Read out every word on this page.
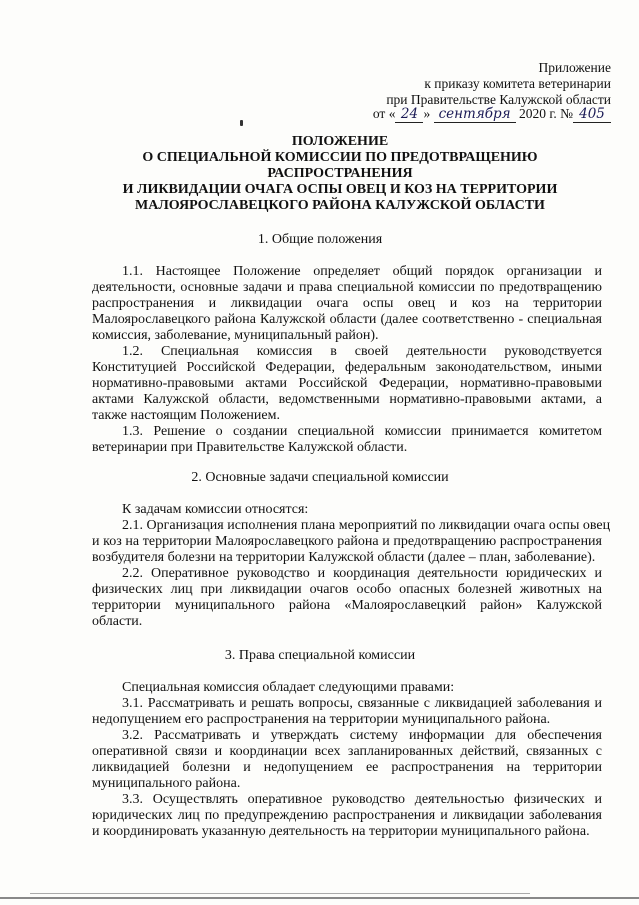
Приложение
к приказу комитета ветеринарии
при Правительстве Калужской области
от « 24 » сентября 2020 г. № 405
ПОЛОЖЕНИЕ
О СПЕЦИАЛЬНОЙ КОМИССИИ ПО ПРЕДОТВРАЩЕНИЮ
РАСПРОСТРАНЕНИЯ
И ЛИКВИДАЦИИ ОЧАГА ОСПЫ ОВЕЦ И КОЗ НА ТЕРРИТОРИИ
МАЛОЯРОСЛАВЕЦКОГО РАЙОНА КАЛУЖСКОЙ ОБЛАСТИ
1. Общие положения
1.1. Настоящее Положение определяет общий порядок организации и
деятельности, основные задачи и права специальной комиссии по предотвращению
распространения и ликвидации очага оспы овец и коз на территории
Малоярославецкого района Калужской области (далее соответственно - специальная
комиссия, заболевание, муниципальный район).
1.2. Специальная комиссия в своей деятельности руководствуется
Конституцией Российской Федерации, федеральным законодательством, иными
нормативно-правовыми актами Российской Федерации, нормативно-правовыми
актами Калужской области, ведомственными нормативно-правовыми актами, а
также настоящим Положением.
1.3. Решение о создании специальной комиссии принимается комитетом
ветеринарии при Правительстве Калужской области.
2. Основные задачи специальной комиссии
К задачам комиссии относятся:
2.1. Организация исполнения плана мероприятий по ликвидации очага оспы овец
и коз на территории Малоярославецкого района и предотвращению распространения
возбудителя болезни на территории Калужской области (далее – план, заболевание).
2.2. Оперативное руководство и координация деятельности юридических и
физических лиц при ликвидации очагов особо опасных болезней животных на
территории муниципального района «Малоярославецкий район» Калужской
области.
3. Права специальной комиссии
Специальная комиссия обладает следующими правами:
3.1. Рассматривать и решать вопросы, связанные с ликвидацией заболевания и
недопущением его распространения на территории муниципального района.
3.2. Рассматривать и утверждать систему информации для обеспечения
оперативной связи и координации всех запланированных действий, связанных с
ликвидацией болезни и недопущением ее распространения на территории
муниципального района.
3.3. Осуществлять оперативное руководство деятельностью физических и
юридических лиц по предупреждению распространения и ликвидации заболевания
и координировать указанную деятельность на территории муниципального района.
